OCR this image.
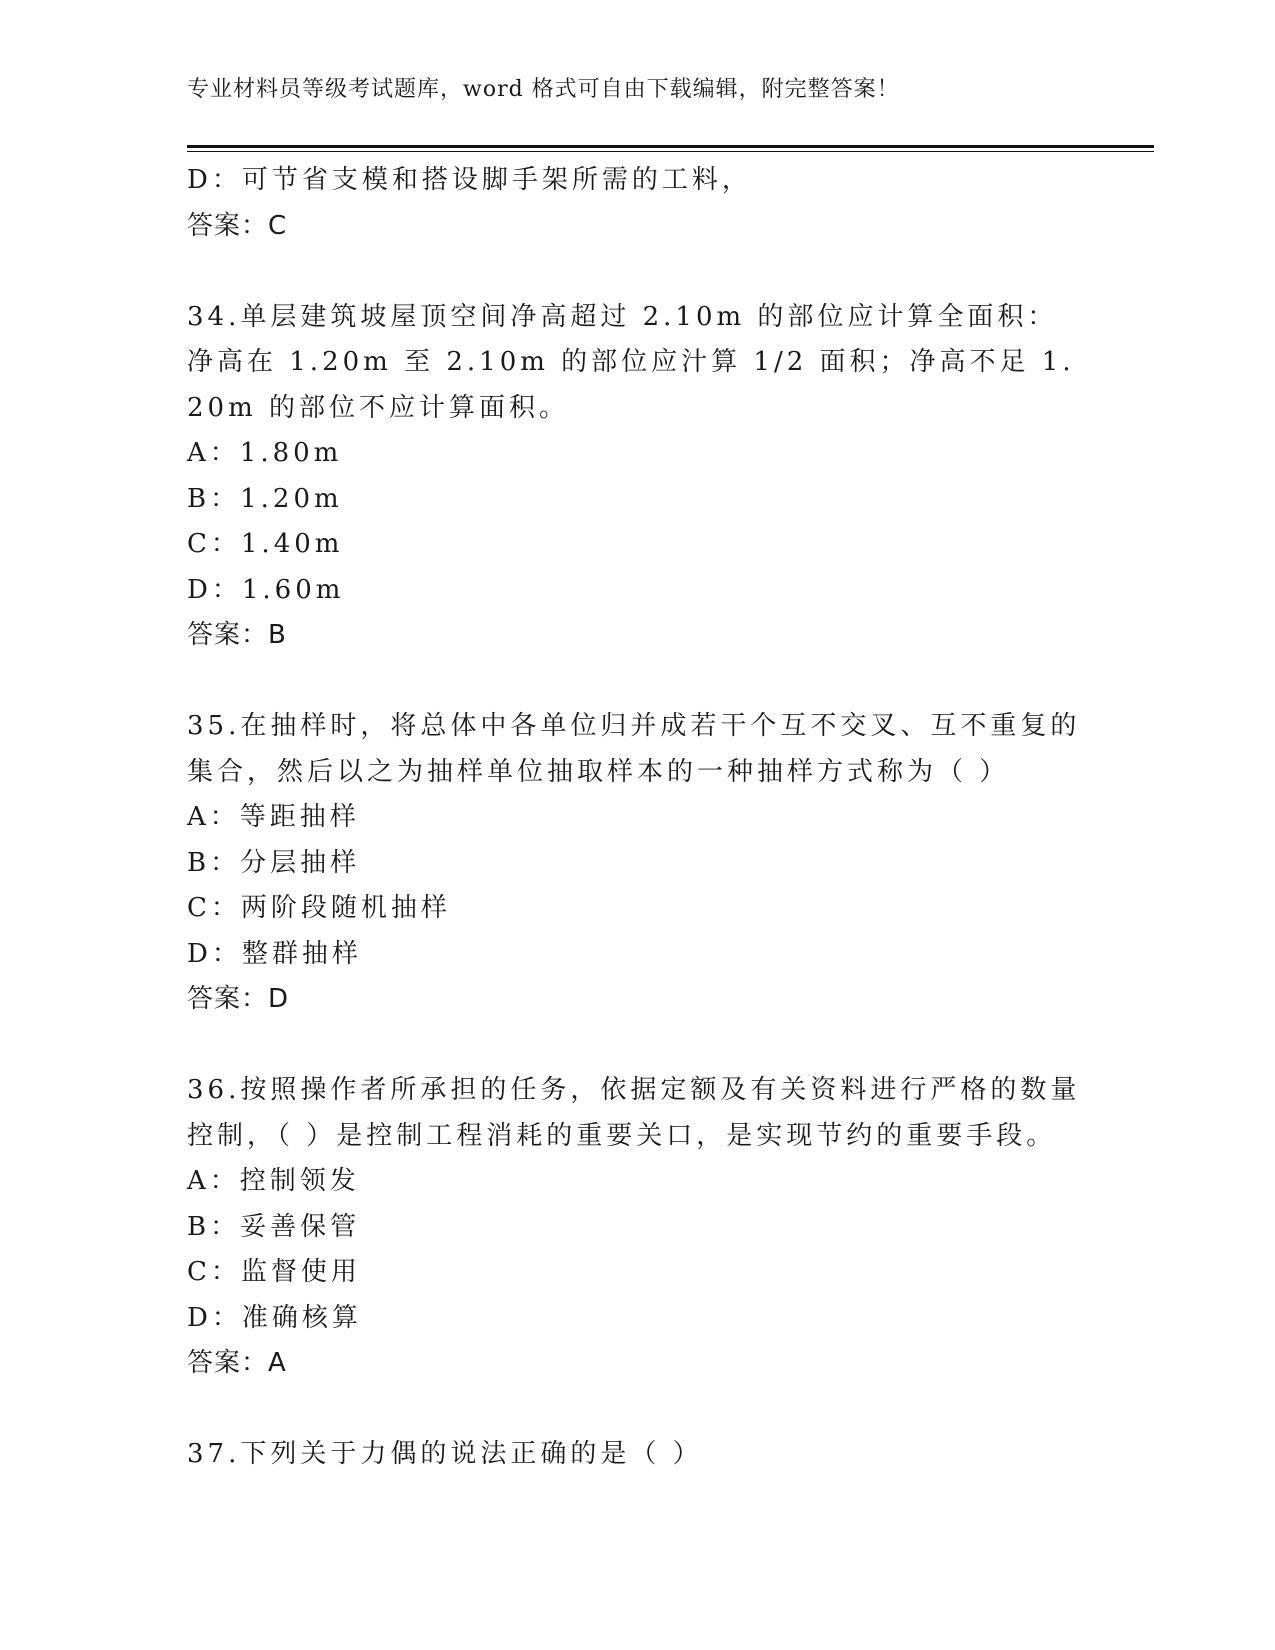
专业材料员等级考试题库，word 格式可自由下载编辑，附完整答案！
D：可节省支模和搭设脚手架所需的工料，
答案：C
34.单层建筑坡屋顶空间净高超过 2.10m 的部位应计算全面积：净高在 1.20m 至 2.10m 的部位应汁算 1/2 面积；净高不足 1.20m 的部位不应计算面积。
A：1.80m
B：1.20m
C：1.40m
D：1.60m
答案：B
35.在抽样时，将总体中各单位归并成若干个互不交叉、互不重复的集合，然后以之为抽样单位抽取样本的一种抽样方式称为（ ）
A：等距抽样
B：分层抽样
C：两阶段随机抽样
D：整群抽样
答案：D
36.按照操作者所承担的任务，依据定额及有关资料进行严格的数量控制，（ ）是控制工程消耗的重要关口，是实现节约的重要手段。
A：控制领发
B：妥善保管
C：监督使用
D：准确核算
答案：A
37.下列关于力偶的说法正确的是（ ）
